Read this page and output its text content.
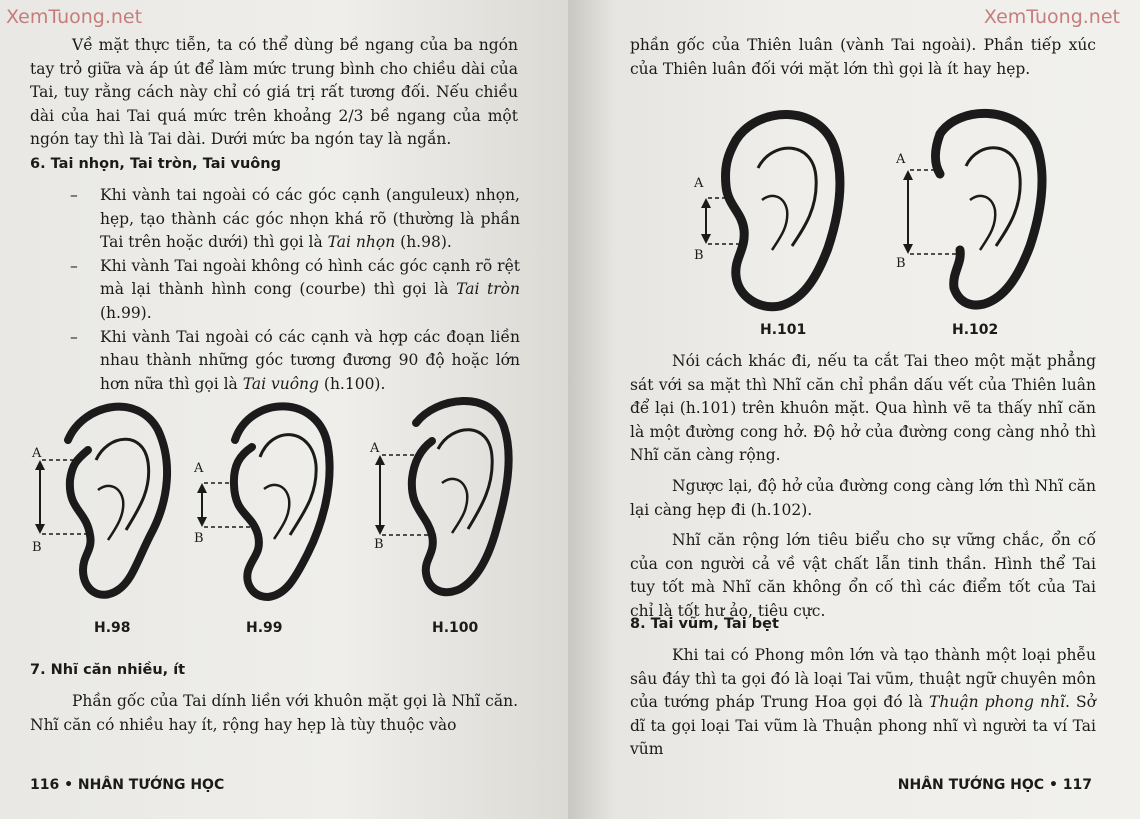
XemTuong.net

Về mặt thực tiễn, ta có thể dùng bề ngang của ba ngón tay trỏ giữa và áp út để làm mức trung bình cho chiều dài của Tai, tuy rằng cách này chỉ có giá trị rất tương đối. Nếu chiều dài của hai Tai quá mức trên khoảng 2/3 bề ngang của một ngón tay thì là Tai dài. Dưới mức ba ngón tay là ngắn.

6. Tai nhọn, Tai tròn, Tai vuông
– Khi vành tai ngoài có các góc cạnh (anguleux) nhọn, hẹp, tạo thành các góc nhọn khá rõ (thường là phần Tai trên hoặc dưới) thì gọi là Tai nhọn (h.98).
– Khi vành Tai ngoài không có hình các góc cạnh rõ rệt mà lại thành hình cong (courbe) thì gọi là Tai tròn (h.99).
– Khi vành Tai ngoài có các cạnh và hợp các đoạn liền nhau thành những góc tương đương 90 độ hoặc lớn hơn nữa thì gọi là Tai vuông (h.100).
A
B
H.98
A
B
H.99
A
B
H.100
7. Nhĩ căn nhiều, ít

Phần gốc của Tai dính liền với khuôn mặt gọi là Nhĩ căn. Nhĩ căn có nhiều hay ít, rộng hay hẹp là tùy thuộc vào

116 • NHÂN TƯỚNG HỌC
XemTuong.net

phần gốc của Thiên luân (vành Tai ngoài). Phần tiếp xúc của Thiên luân đối với mặt lớn thì gọi là ít hay hẹp.

A
B
H.101
A
B
H.102

Nói cách khác đi, nếu ta cắt Tai theo một mặt phẳng sát với sa mặt thì Nhĩ căn chỉ phần dấu vết của Thiên luân để lại (h.101) trên khuôn mặt. Qua hình vẽ ta thấy nhĩ căn là một đường cong hở. Độ hở của đường cong càng nhỏ thì Nhĩ căn càng rộng.

Ngược lại, độ hở của đường cong càng lớn thì Nhĩ căn lại càng hẹp đi (h.102).

Nhĩ căn rộng lớn tiêu biểu cho sự vững chắc, ổn cố của con người cả về vật chất lẫn tinh thần. Hình thể Tai tuy tốt mà Nhĩ căn không ổn cố thì các điểm tốt của Tai chỉ là tốt hư ảo, tiêu cực.

8. Tai vũm, Tai bẹt

Khi tai có Phong môn lớn và tạo thành một loại phễu sâu đáy thì ta gọi đó là loại Tai vũm, thuật ngữ chuyên môn của tướng pháp Trung Hoa gọi đó là Thuận phong nhĩ. Sở dĩ ta gọi loại Tai vũm là Thuận phong nhĩ vì người ta ví Tai vũm

NHÂN TƯỚNG HỌC • 117
